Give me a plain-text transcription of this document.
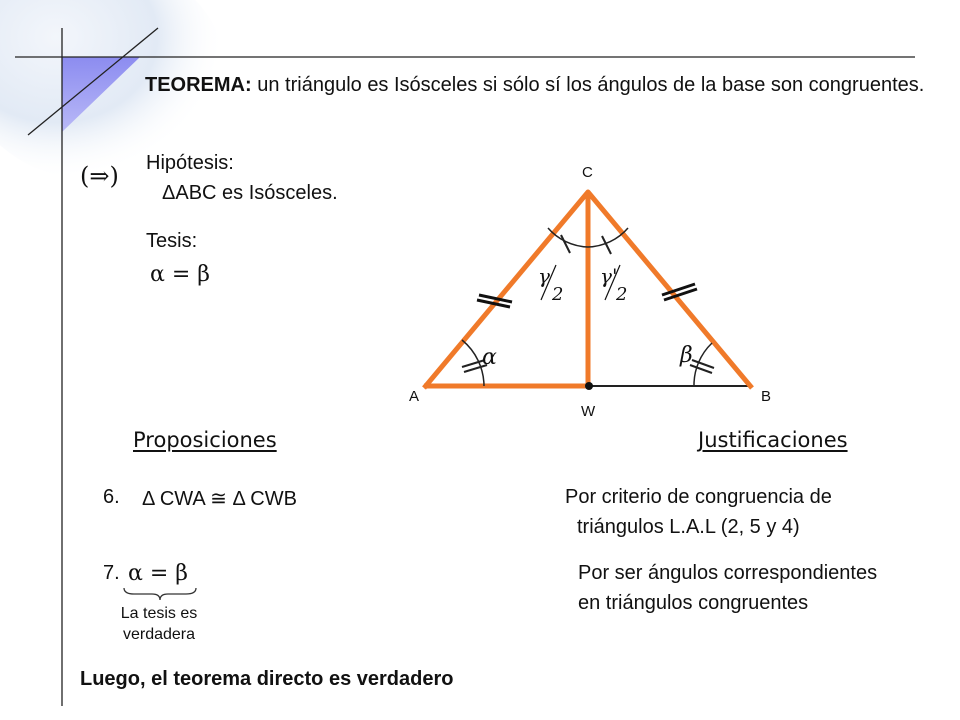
TEOREMA: un triángulo es Isósceles si sólo sí los ángulos de la base son congruentes.
(⇒) Hipótesis:
ΔABC es Isósceles.
Tesis:
α = β	γ
2
γ'
2
α	β
C
A	B
W
Proposiciones	Justificaciones
6. Δ CWA ≅ Δ CWB	Por criterio de congruencia de
triángulos L.A.L (2, 5 y 4)
7. α = β	Por ser ángulos correspondientes
en triángulos congruentes
La tesis es
verdadera
Luego, el teorema directo es verdadero
